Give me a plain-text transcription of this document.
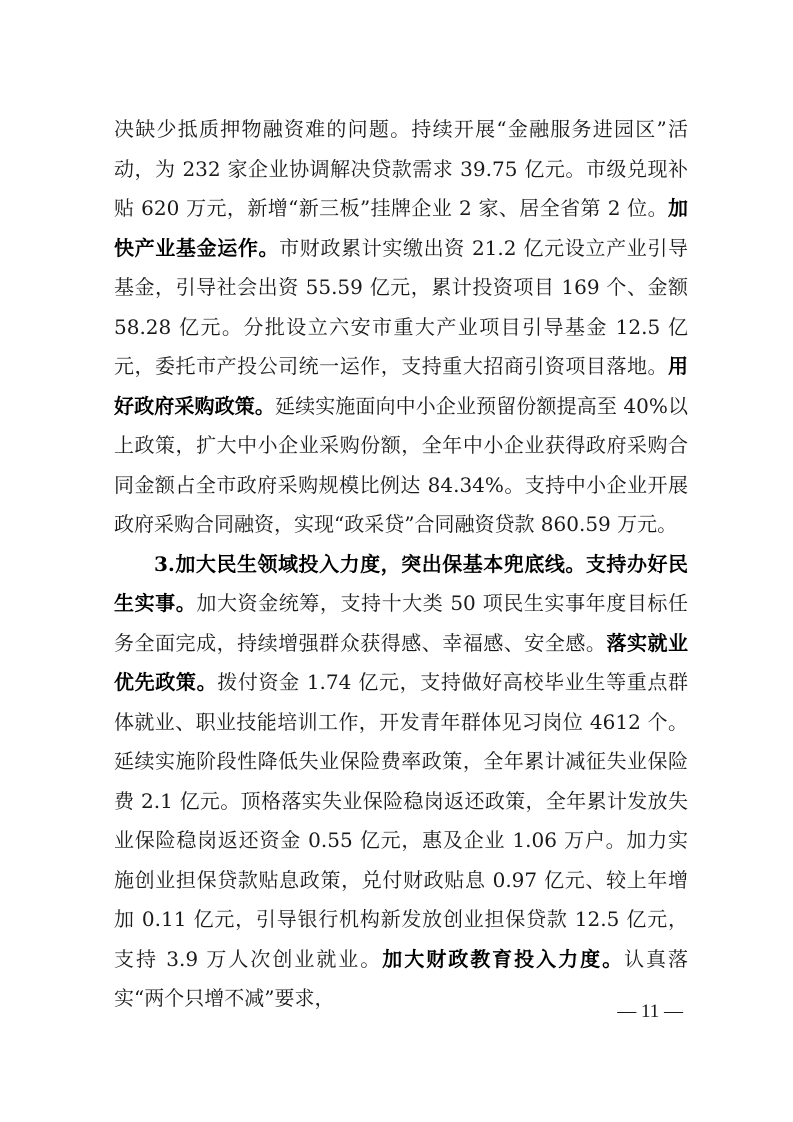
决缺少抵质押物融资难的问题。持续开展“金融服务进园区”活动，为 232 家企业协调解决贷款需求 39.75 亿元。市级兑现补贴 620 万元，新增“新三板”挂牌企业 2 家、居全省第 2 位。加快产业基金运作。市财政累计实缴出资 21.2 亿元设立产业引导基金，引导社会出资 55.59 亿元，累计投资项目 169 个、金额 58.28 亿元。分批设立六安市重大产业项目引导基金 12.5 亿元，委托市产投公司统一运作，支持重大招商引资项目落地。用好政府采购政策。延续实施面向中小企业预留份额提高至 40%以上政策，扩大中小企业采购份额，全年中小企业获得政府采购合同金额占全市政府采购规模比例达 84.34%。支持中小企业开展政府采购合同融资，实现“政采贷”合同融资贷款 860.59 万元。

3.加大民生领域投入力度，突出保基本兜底线。支持办好民生实事。加大资金统筹，支持十大类 50 项民生实事年度目标任务全面完成，持续增强群众获得感、幸福感、安全感。落实就业优先政策。拨付资金 1.74 亿元，支持做好高校毕业生等重点群体就业、职业技能培训工作，开发青年群体见习岗位 4612 个。延续实施阶段性降低失业保险费率政策，全年累计减征失业保险费 2.1 亿元。顶格落实失业保险稳岗返还政策，全年累计发放失业保险稳岗返还资金 0.55 亿元，惠及企业 1.06 万户。加力实施创业担保贷款贴息政策，兑付财政贴息 0.97 亿元、较上年增加 0.11 亿元，引导银行机构新发放创业担保贷款 12.5 亿元，支持 3.9 万人次创业就业。加大财政教育投入力度。认真落实“两个只增不减”要求，

— 11 —
